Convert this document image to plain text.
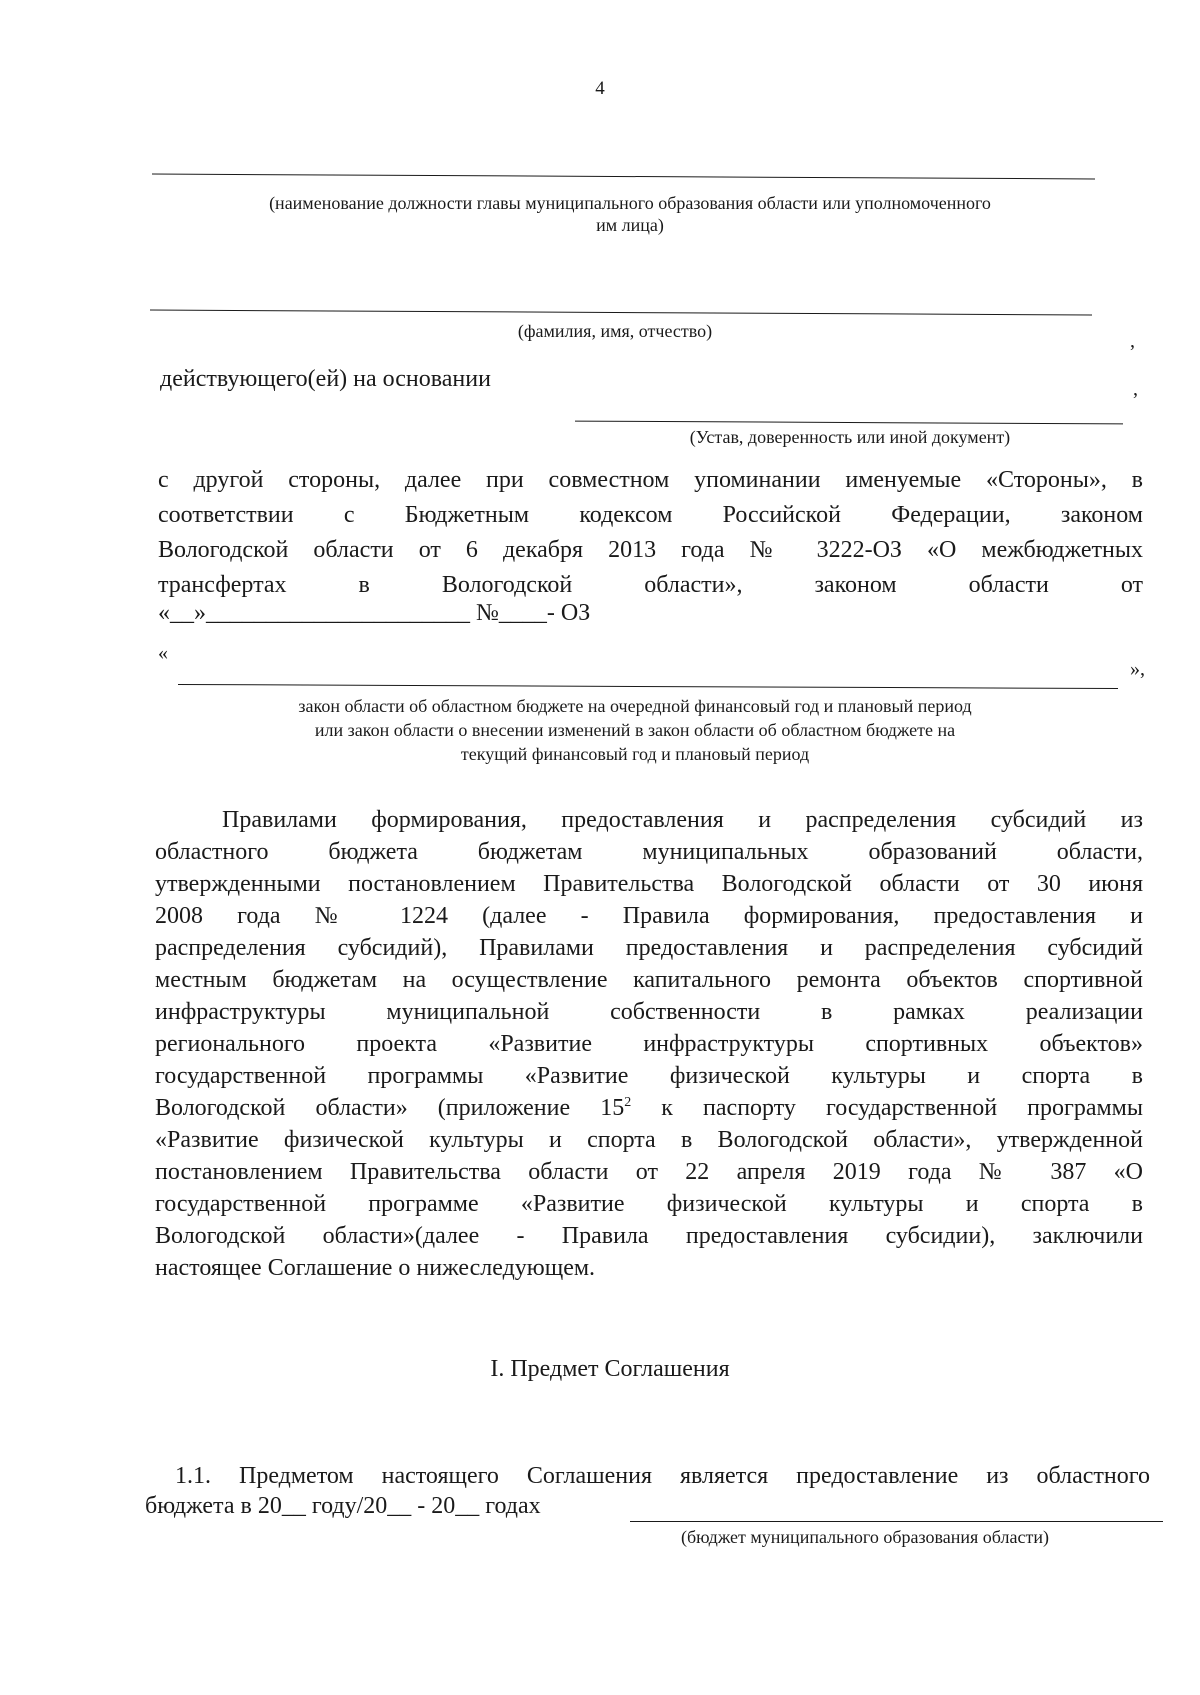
4
(наименование должности главы муниципального образования области или уполномоченного
им лица)
(фамилия, имя, отчество)	,
действующего(ей) на основании	,
(Устав, доверенность или иной документ)
с другой стороны, далее при совместном упоминании именуемые «Стороны», в
соответствии с Бюджетным кодексом Российской Федерации, законом
Вологодской области от 6 декабря 2013 года № 3222-ОЗ «О межбюджетных
трансфертах в Вологодской области», законом области от
«__»______________________ №____- ОЗ
«
»,
закон области об областном бюджете на очередной финансовый год и плановый период
или закон области о внесении изменений в закон области об областном бюджете на
текущий финансовый год и плановый период
Правилами формирования, предоставления и распределения субсидий из
областного бюджета бюджетам муниципальных образований области,
утвержденными постановлением Правительства Вологодской области от 30 июня
2008 года № 1224 (далее - Правила формирования, предоставления и
распределения субсидий), Правилами предоставления и распределения субсидий
местным бюджетам на осуществление капитального ремонта объектов спортивной
инфраструктуры муниципальной собственности в рамках реализации
регионального проекта «Развитие инфраструктуры спортивных объектов»
государственной программы «Развитие физической культуры и спорта в
Вологодской области» (приложение $15^2$ к паспорту государственной программы
«Развитие физической культуры и спорта в Вологодской области», утвержденной
постановлением Правительства области от 22 апреля 2019 года № 387 «О
государственной программе «Развитие физической культуры и спорта в
Вологодской области»(далее - Правила предоставления субсидии), заключили
настоящее Соглашение о нижеследующем.
I. Предмет Соглашения
1.1. Предметом настоящего Соглашения является предоставление из областного
бюджета в 20__ году/20__ - 20__ годах
(бюджет муниципального образования области)
